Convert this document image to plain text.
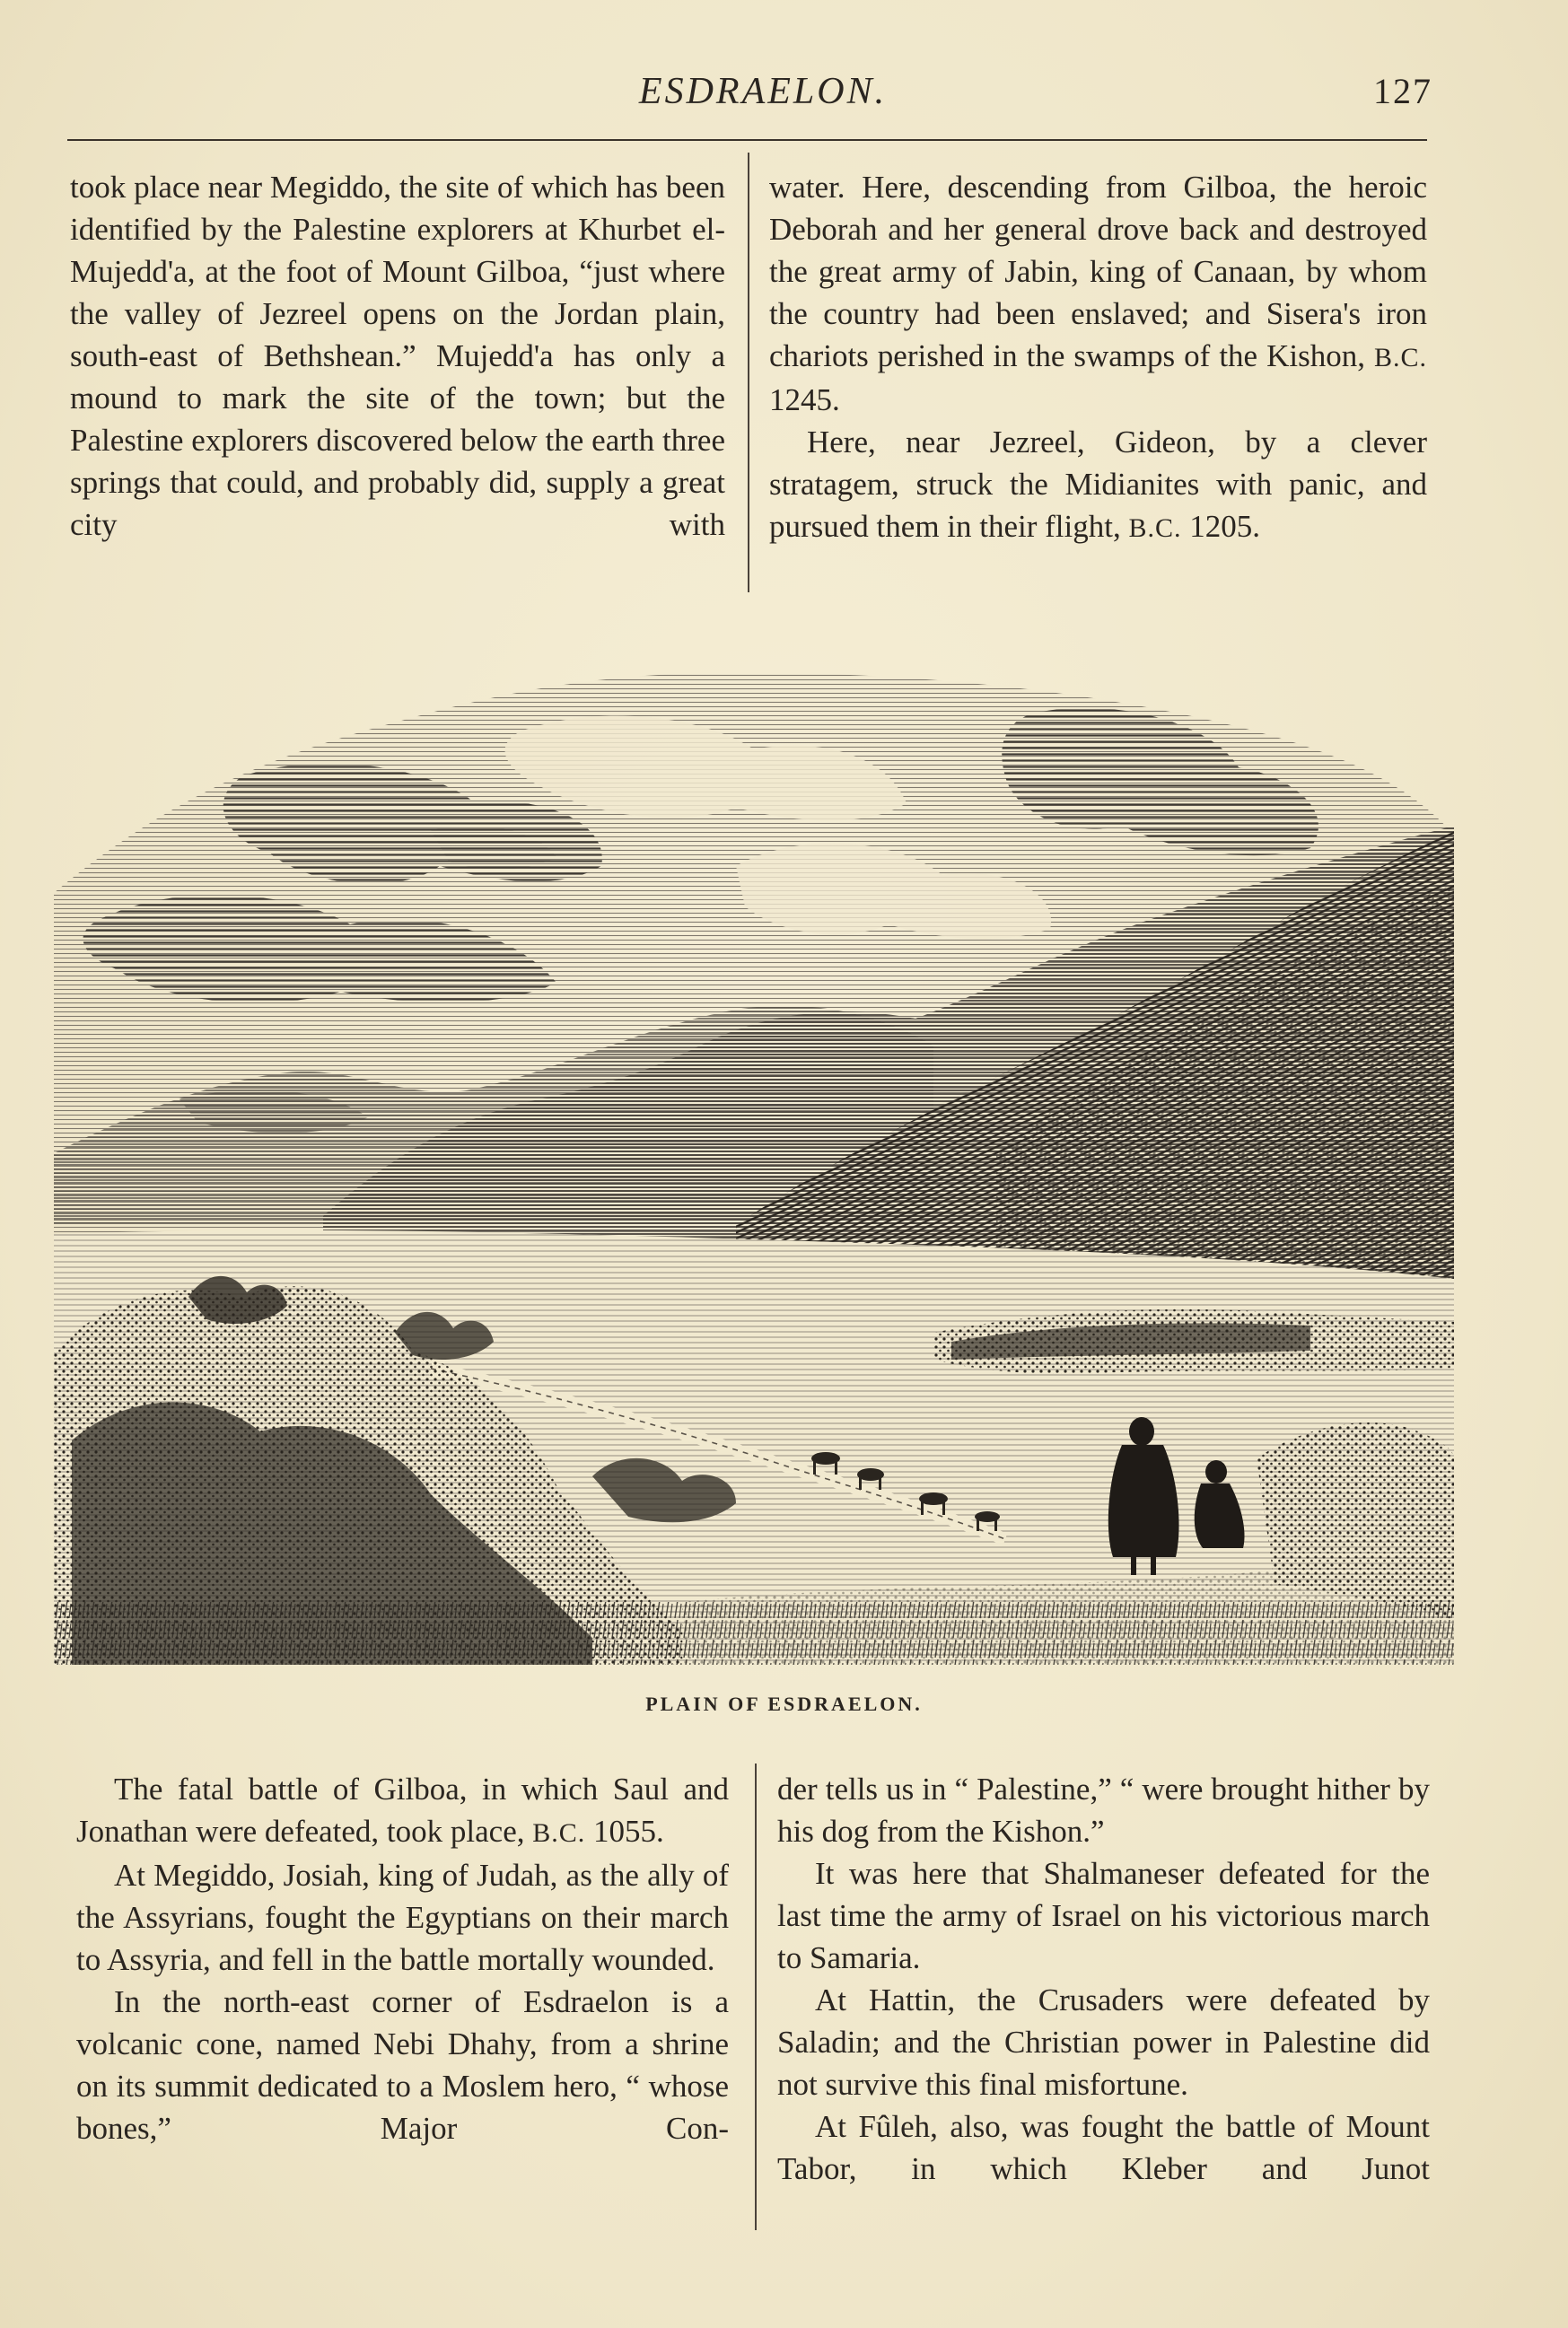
ESDRAELON.	127

took place near Megiddo, the site of which has been identified by the Palestine explorers at Khurbet el-Mujedd'a, at the foot of Mount Gilboa, “just where the valley of Jezreel opens on the Jordan plain, south-east of Bethshean.” Mujedd'a has only a mound to mark the site of the town; but the Palestine explorers discovered below the earth three springs that could, and probably did, supply a great city with

water. Here, descending from Gilboa, the heroic Deborah and her general drove back and destroyed the great army of Jabin, king of Canaan, by whom the country had been enslaved; and Sisera's iron chariots perished in the swamps of the Kishon, B.C. 1245.

Here, near Jezreel, Gideon, by a clever stratagem, struck the Midianites with panic, and pursued them in their flight, B.C. 1205.

PLAIN OF ESDRAELON.

The fatal battle of Gilboa, in which Saul and Jonathan were defeated, took place, B.C. 1055.

At Megiddo, Josiah, king of Judah, as the ally of the Assyrians, fought the Egyptians on their march to Assyria, and fell in the battle mortally wounded.

In the north-east corner of Esdraelon is a volcanic cone, named Nebi Dhahy, from a shrine on its summit dedicated to a Moslem hero, “ whose bones,” Major Con-

der tells us in “ Palestine,” “ were brought hither by his dog from the Kishon.”

It was here that Shalmaneser defeated for the last time the army of Israel on his victorious march to Samaria.

At Hattin, the Crusaders were defeated by Saladin; and the Christian power in Palestine did not survive this final misfortune.

At Fûleh, also, was fought the battle of Mount Tabor, in which Kleber and Junot
